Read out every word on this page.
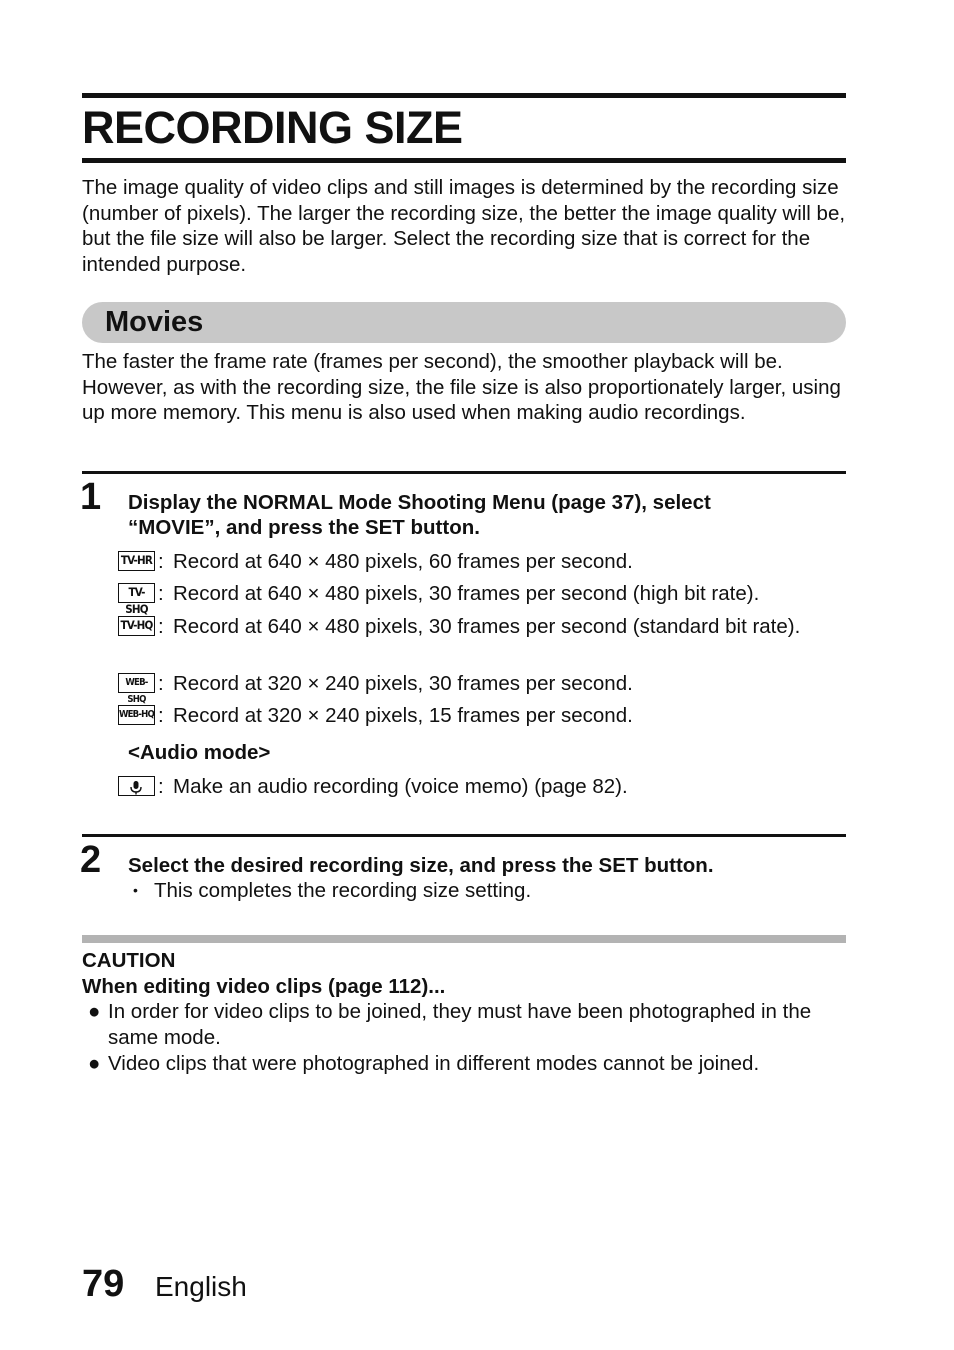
RECORDING SIZE
The image quality of video clips and still images is determined by the recording size (number of pixels). The larger the recording size, the better the image quality will be, but the file size will also be larger. Select the recording size that is correct for the intended purpose.
Movies
The faster the frame rate (frames per second), the smoother playback will be. However, as with the recording size, the file size is also proportionately larger, using up more memory. This menu is also used when making audio recordings.
1 Display the NORMAL Mode Shooting Menu (page 37), select
“MOVIE”, and press the SET button.
TV-HR : Record at 640 × 480 pixels, 60 frames per second.
TV-SHQ
: Record at 640 × 480 pixels, 30 frames per second (high bit rate).
TV-HQ : Record at 640 × 480 pixels, 30 frames per second (standard bit rate).
WEB-SHQ
: Record at 320 × 240 pixels, 30 frames per second.
WEB-HQ : Record at 320 × 240 pixels, 15 frames per second.
<Audio mode>
: Make an audio recording (voice memo) (page 82).
2 Select the desired recording size, and press the SET button.
• This completes the recording size setting.
CAUTION
When editing video clips (page 112)...
● In order for video clips to be joined, they must have been photographed in the same mode.
● Video clips that were photographed in different modes cannot be joined.
79 English
